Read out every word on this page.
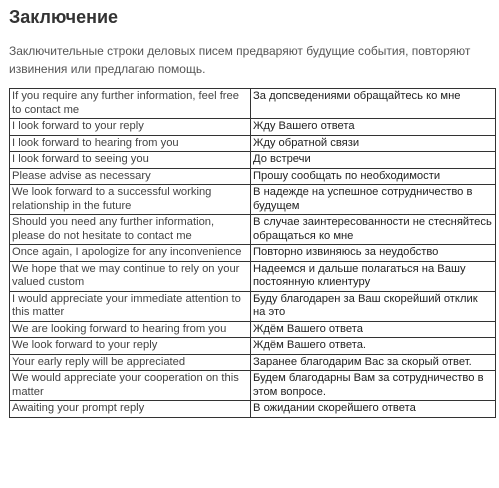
Заключение

Заключительные строки деловых писем предваряют будущие события, повторяют извинения или предлагаю помощь.

If you require any further information, feel free to contact me	За допсведениями обращайтесь ко мне
I look forward to your reply	Жду Вашего ответа
I look forward to hearing from you	Жду обратной связи
I look forward to seeing you	До встречи
Please advise as necessary	Прошу сообщать по необходимости
We look forward to a successful working relationship in the future	В надежде на успешное сотрудничество в будущем
Should you need any further information, please do not hesitate to contact me	В случае заинтересованности не стесняйтесь обращаться ко мне
Once again, I apologize for any inconvenience	Повторно извиняюсь за неудобство
We hope that we may continue to rely on your valued custom	Надеемся и дальше полагаться на Вашу постоянную клиентуру
I would appreciate your immediate attention to this matter	Буду благодарен за Ваш скорейший отклик на это
We are looking forward to hearing from you	Ждём Вашего ответа
We look forward to your reply	Ждём Вашего ответа.
Your early reply will be appreciated	Заранее благодарим Вас за скорый ответ.
We would appreciate your cooperation on this matter	Будем благодарны Вам за сотрудничество в этом вопросе.
Awaiting your prompt reply	В ожидании скорейшего ответа
